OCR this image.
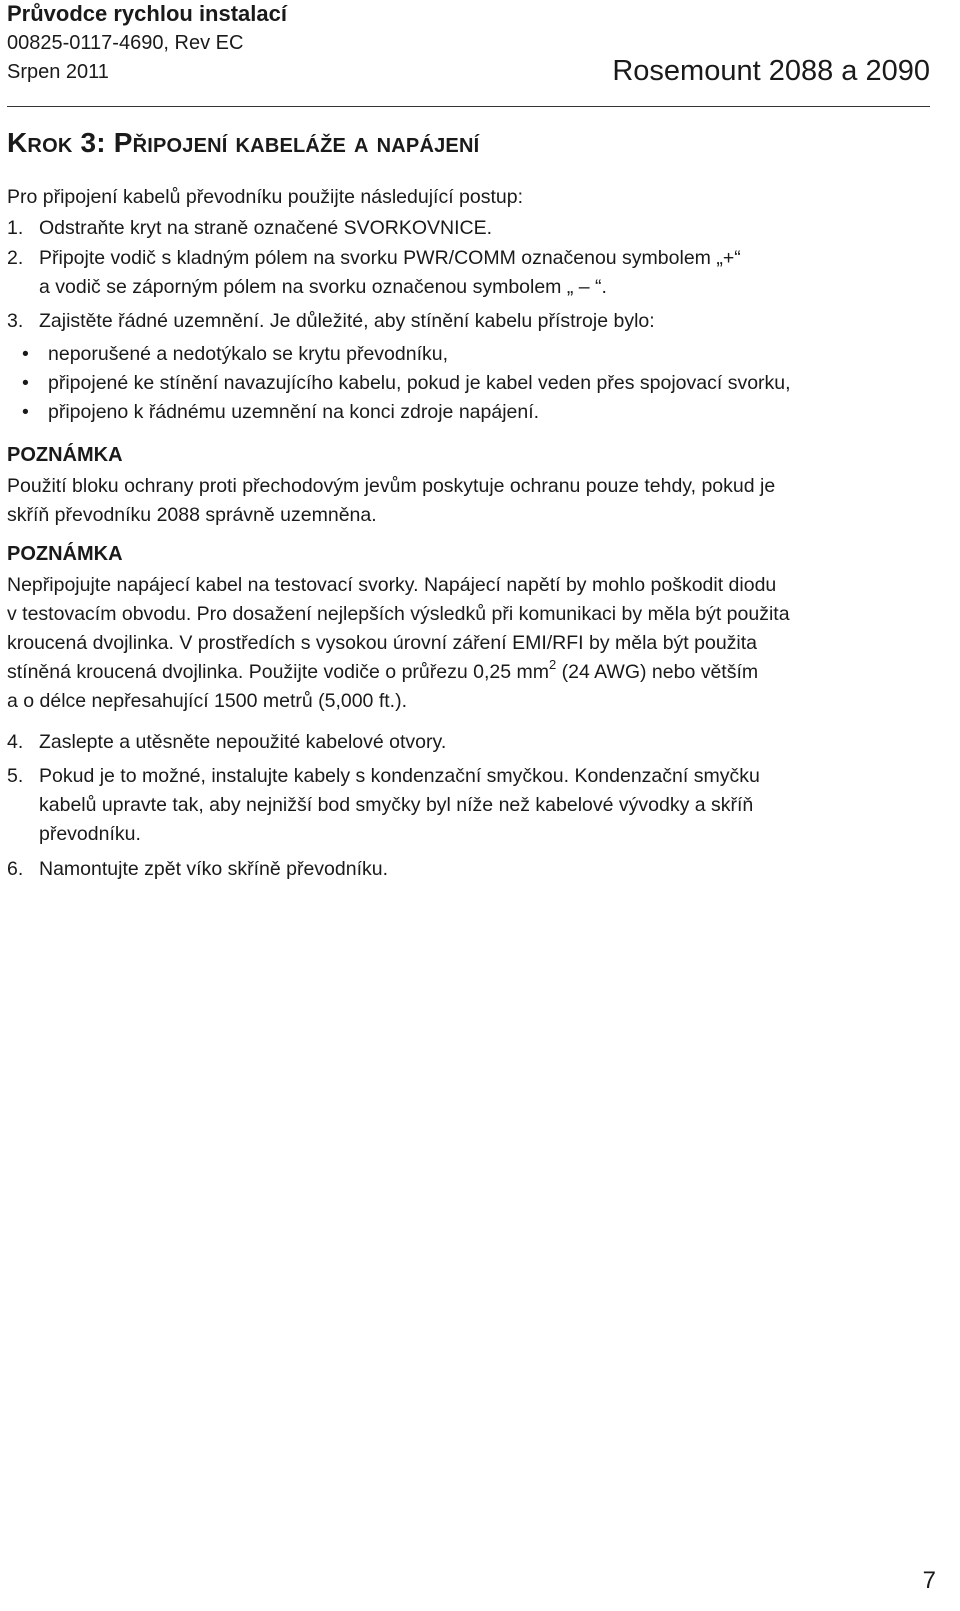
Průvodce rychlou instalací
00825-0117-4690, Rev EC
Srpen 2011	Rosemount 2088 a 2090
Krok 3: Připojení kabeláže a napájení
Pro připojení kabelů převodníku použijte následující postup:
1. Odstraňte kryt na straně označené SVORKOVNICE.
2. Připojte vodič s kladným pólem na svorku PWR/COMM označenou symbolem „+“
a vodič se záporným pólem na svorku označenou symbolem „ – “.
3. Zajistěte řádné uzemnění. Je důležité, aby stínění kabelu přístroje bylo:
• neporušené a nedotýkalo se krytu převodníku,
• připojené ke stínění navazujícího kabelu, pokud je kabel veden přes spojovací svorku,
• připojeno k řádnému uzemnění na konci zdroje napájení.
POZNÁMKA
Použití bloku ochrany proti přechodovým jevům poskytuje ochranu pouze tehdy, pokud je
skříň převodníku 2088 správně uzemněna.
POZNÁMKA
Nepřipojujte napájecí kabel na testovací svorky. Napájecí napětí by mohlo poškodit diodu
v testovacím obvodu. Pro dosažení nejlepších výsledků při komunikaci by měla být použita
kroucená dvojlinka. V prostředích s vysokou úrovní záření EMI/RFI by měla být použita
stíněná kroucená dvojlinka. Použijte vodiče o průřezu 0,25 $mm^2$ (24 AWG) nebo větším
a o délce nepřesahující 1500 metrů (5,000 ft.).
4. Zaslepte a utěsněte nepoužité kabelové otvory.
5. Pokud je to možné, instalujte kabely s kondenzační smyčkou. Kondenzační smyčku
kabelů upravte tak, aby nejnižší bod smyčky byl níže než kabelové vývodky a skříň
převodníku.
6. Namontujte zpět víko skříně převodníku.
7
